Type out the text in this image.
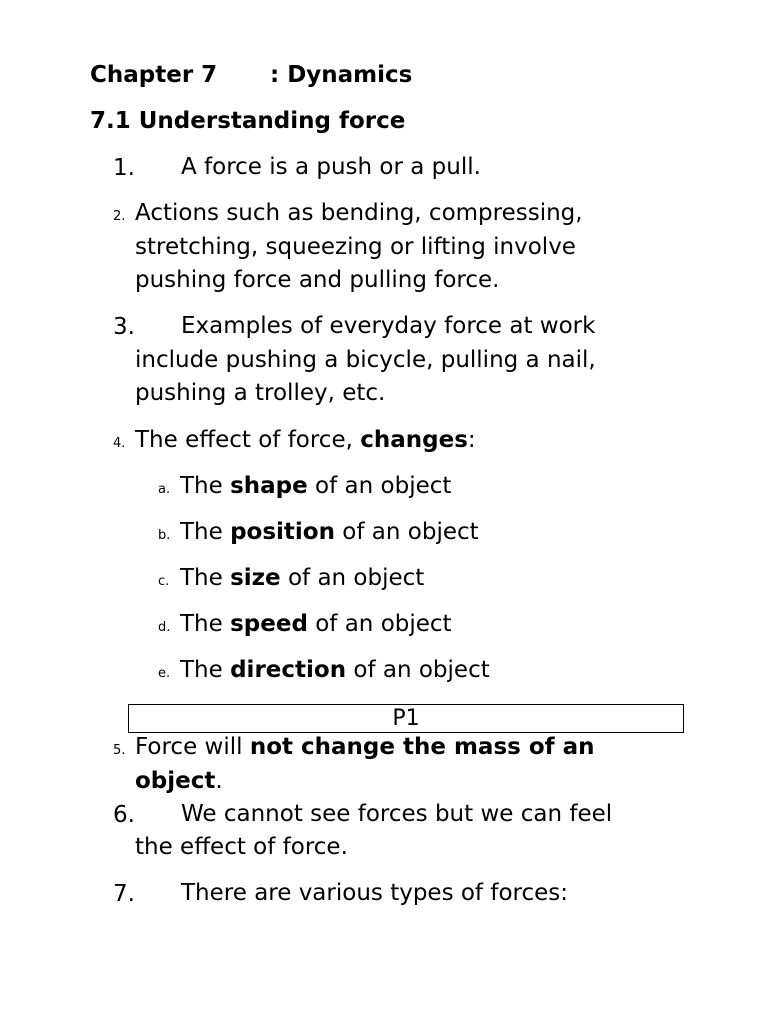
Chapter 7 : Dynamics
7.1 Understanding force
1. A force is a push or a pull.
2. Actions such as bending, compressing,
stretching, squeezing or lifting involve
pushing force and pulling force.
3. Examples of everyday force at work
include pushing a bicycle, pulling a nail,
pushing a trolley, etc.
4. The effect of force, changes:
a. The shape of an object
b. The position of an object
c. The size of an object
d. The speed of an object
e. The direction of an object
P1
5. Force will not change the mass of an
object.
6. We cannot see forces but we can feel
the effect of force.
7. There are various types of forces:
